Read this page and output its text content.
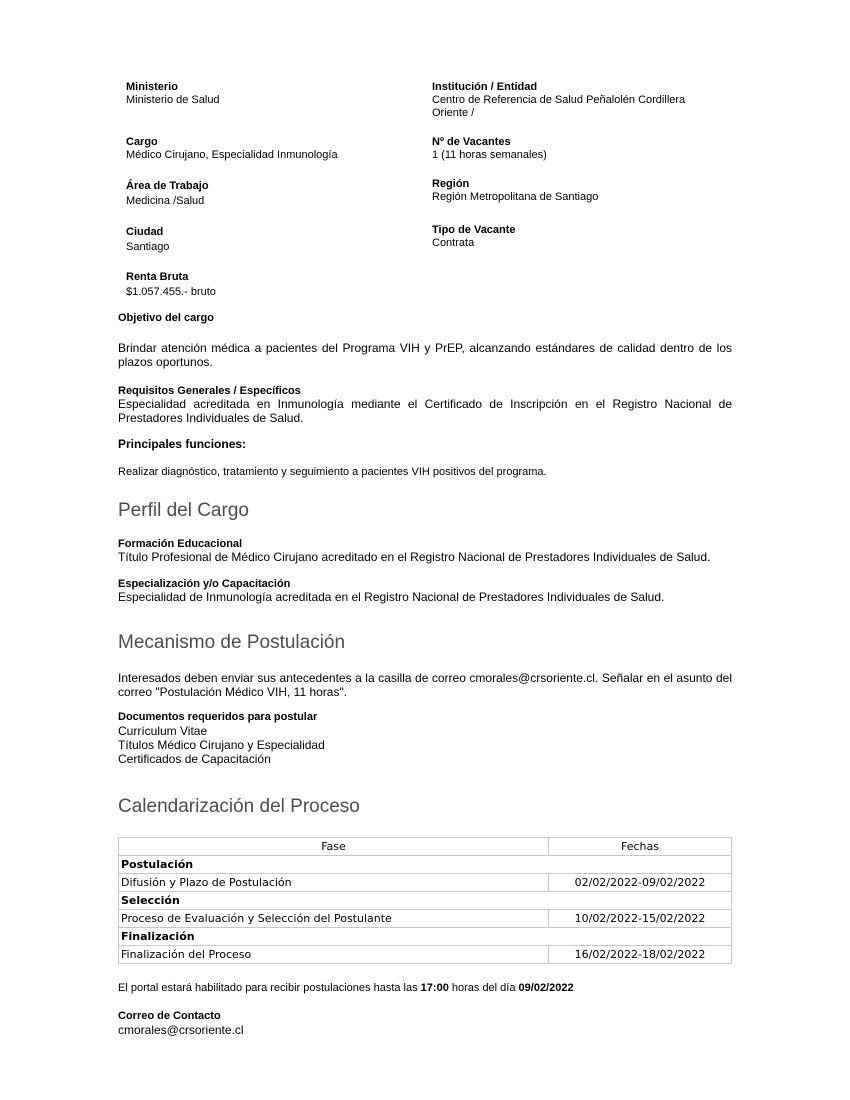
Ministerio
Ministerio de Salud
Institución / Entidad
Centro de Referencia de Salud Peñalolén Cordillera Oriente /
Cargo
Médico Cirujano, Especialidad Inmunología
Nº de Vacantes
1 (11 horas semanales)
Área de Trabajo
Medicina /Salud
Región
Región Metropolitana de Santiago
Ciudad
Santiago
Tipo de Vacante
Contrata
Renta Bruta
$1.057.455.- bruto
Objetivo del cargo
Brindar atención médica a pacientes del Programa VIH y PrEP, alcanzando estándares de calidad dentro de los plazos oportunos.
Requisitos Generales / Específicos
Especialidad acreditada en Inmunología mediante el Certificado de Inscripción en el Registro Nacional de Prestadores Individuales de Salud.
Principales funciones:
Realizar diagnóstico, tratamiento y seguimiento a pacientes VIH positivos del programa.
Perfil del Cargo
Formación Educacional
Título Profesional de Médico Cirujano acreditado en el Registro Nacional de Prestadores Individuales de Salud.
Especialización y/o Capacitación
Especialidad de Inmunología acreditada en el Registro Nacional de Prestadores Individuales de Salud.
Mecanismo de Postulación
Interesados deben enviar sus antecedentes a la casilla de correo cmorales@crsoriente.cl. Señalar en el asunto del correo "Postulación Médico VIH, 11 horas".
Documentos requeridos para postular
Currículum Vitae
Títulos Médico Cirujano y Especialidad
Certificados de Capacitación
Calendarización del Proceso
Fase	Fechas
Postulación	
Difusión y Plazo de Postulación	02/02/2022-09/02/2022
Selección	
Proceso de Evaluación y Selección del Postulante	10/02/2022-15/02/2022
Finalización	
Finalización del Proceso	16/02/2022-18/02/2022
El portal estará habilitado para recibir postulaciones hasta las 17:00 horas del día 09/02/2022
Correo de Contacto
cmorales@crsoriente.cl
